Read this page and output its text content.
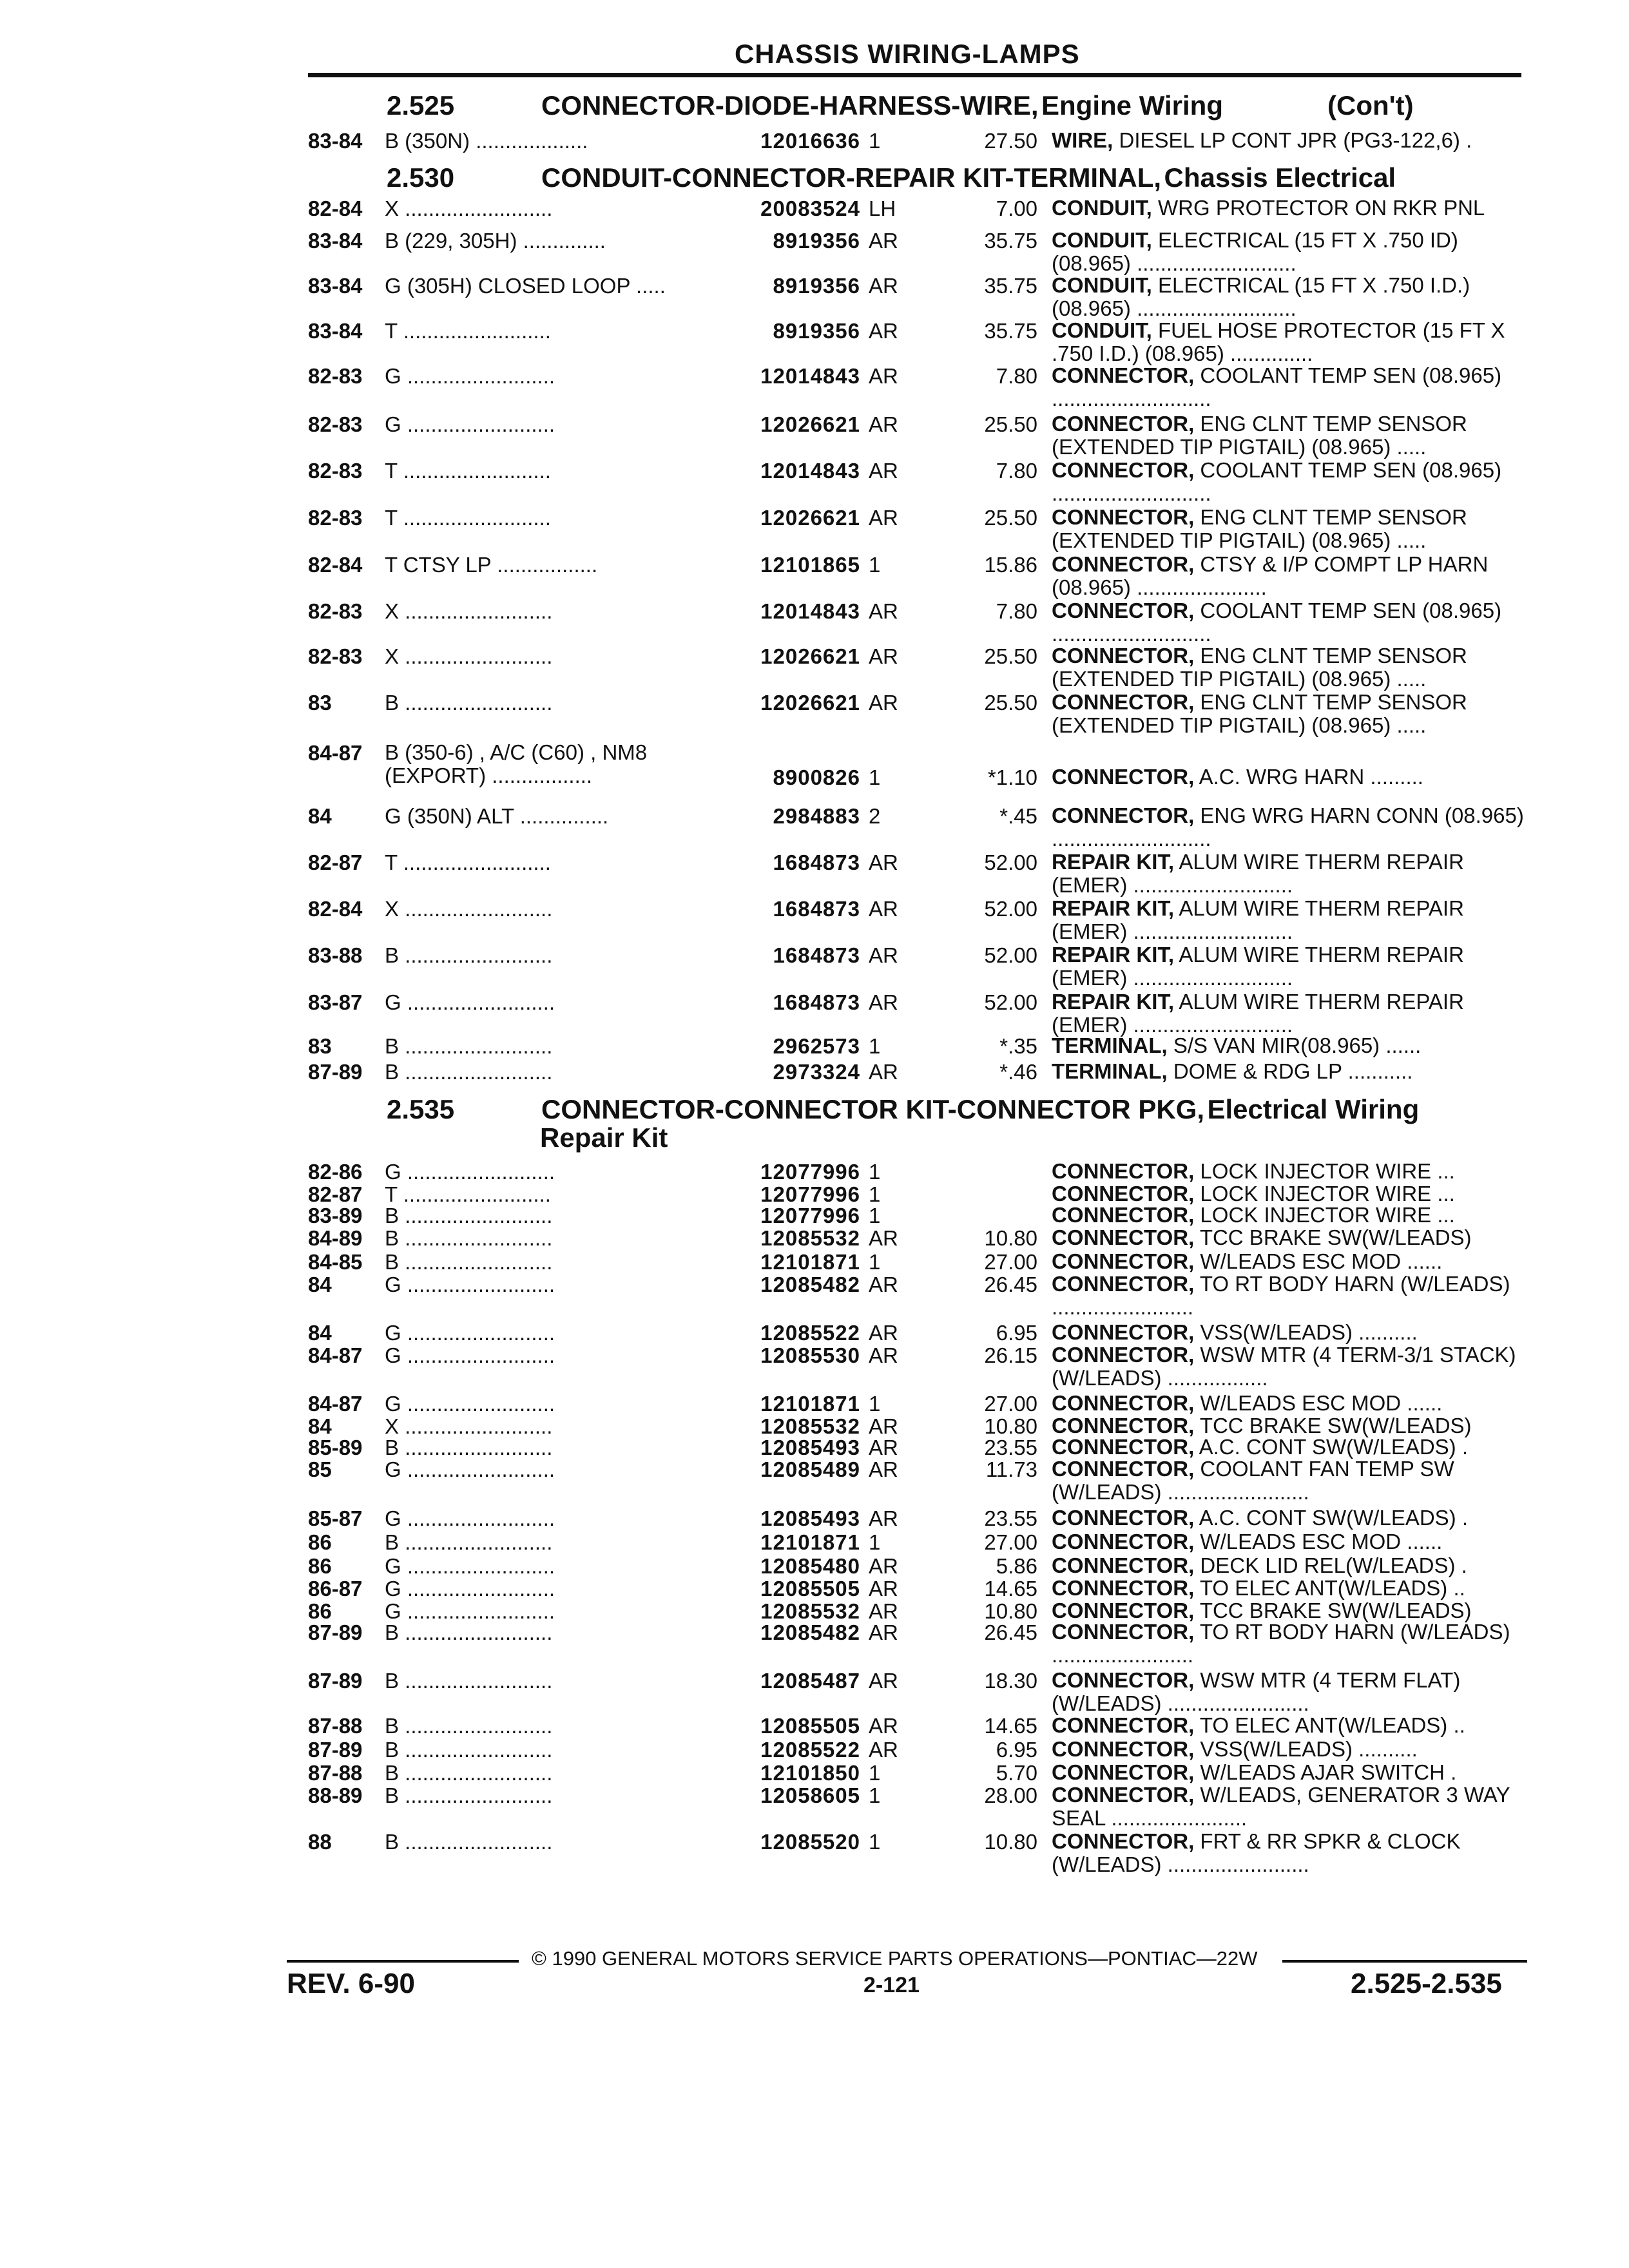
CHASSIS WIRING-LAMPS
2.525	CONNECTOR-DIODE-HARNESS-WIRE, Engine Wiring	(Con't)
83-84	B (350N) ...................	12016636 1	27.50 WIRE, DIESEL LP CONT JPR (PG3-122,6) .
2.530	CONDUIT-CONNECTOR-REPAIR KIT-TERMINAL, Chassis Electrical
82-84	X .........................	20083524 LH	7.00 CONDUIT, WRG PROTECTOR ON RKR PNL
83-84	B (229, 305H) ..............	8919356 AR	35.75 CONDUIT, ELECTRICAL (15 FT X .750 ID) (08.965) ...........................
83-84	G (305H) CLOSED LOOP .....	8919356 AR	35.75 CONDUIT, ELECTRICAL (15 FT X .750 I.D.) (08.965) ...........................
83-84	T .........................	8919356 AR	35.75 CONDUIT, FUEL HOSE PROTECTOR (15 FT X .750 I.D.) (08.965) ..............
82-83	G .........................	12014843 AR	7.80 CONNECTOR, COOLANT TEMP SEN (08.965) ...........................
82-83	G .........................	12026621 AR	25.50 CONNECTOR, ENG CLNT TEMP SENSOR (EXTENDED TIP PIGTAIL) (08.965) .....
82-83	T .........................	12014843 AR	7.80 CONNECTOR, COOLANT TEMP SEN (08.965) ...........................
82-83	T .........................	12026621 AR	25.50 CONNECTOR, ENG CLNT TEMP SENSOR (EXTENDED TIP PIGTAIL) (08.965) .....
82-84	T CTSY LP .................	12101865 1	15.86 CONNECTOR, CTSY & I/P COMPT LP HARN (08.965) ......................
82-83	X .........................	12014843 AR	7.80 CONNECTOR, COOLANT TEMP SEN (08.965) ...........................
82-83	X .........................	12026621 AR	25.50 CONNECTOR, ENG CLNT TEMP SENSOR (EXTENDED TIP PIGTAIL) (08.965) .....
83	B .........................	12026621 AR	25.50 CONNECTOR, ENG CLNT TEMP SENSOR (EXTENDED TIP PIGTAIL) (08.965) .....
84-87	B (350-6) , A/C (C60) , NM8 (EXPORT) .................	8900826 1	*1.10 CONNECTOR, A.C. WRG HARN .........
84	G (350N) ALT ...............	2984883 2	*.45 CONNECTOR, ENG WRG HARN CONN (08.965) ...........................
82-87	T .........................	1684873 AR	52.00 REPAIR KIT, ALUM WIRE THERM REPAIR (EMER) ...........................
82-84	X .........................	1684873 AR	52.00 REPAIR KIT, ALUM WIRE THERM REPAIR (EMER) ...........................
83-88	B .........................	1684873 AR	52.00 REPAIR KIT, ALUM WIRE THERM REPAIR (EMER) ...........................
83-87	G .........................	1684873 AR	52.00 REPAIR KIT, ALUM WIRE THERM REPAIR (EMER) ...........................
83	B .........................	2962573 1	*.35 TERMINAL, S/S VAN MIR(08.965) ......
87-89	B .........................	2973324 AR	*.46 TERMINAL, DOME & RDG LP ...........
2.535	CONNECTOR-CONNECTOR KIT-CONNECTOR PKG, Electrical Wiring
Repair Kit
82-86	G .........................	12077996 1	CONNECTOR, LOCK INJECTOR WIRE ...
82-87	T .........................	12077996 1	CONNECTOR, LOCK INJECTOR WIRE ...
83-89	B .........................	12077996 1	CONNECTOR, LOCK INJECTOR WIRE ...
84-89	B .........................	12085532 AR	10.80 CONNECTOR, TCC BRAKE SW(W/LEADS)
84-85	B .........................	12101871 1	27.00 CONNECTOR, W/LEADS ESC MOD ......
84	G .........................	12085482 AR	26.45 CONNECTOR, TO RT BODY HARN (W/LEADS) ........................
84	G .........................	12085522 AR	6.95 CONNECTOR, VSS(W/LEADS) ..........
84-87	G .........................	12085530 AR	26.15 CONNECTOR, WSW MTR (4 TERM-3/1 STACK) (W/LEADS) .................
84-87	G .........................	12101871 1	27.00 CONNECTOR, W/LEADS ESC MOD ......
84	X .........................	12085532 AR	10.80 CONNECTOR, TCC BRAKE SW(W/LEADS)
85-89	B .........................	12085493 AR	23.55 CONNECTOR, A.C. CONT SW(W/LEADS) .
85	G .........................	12085489 AR	11.73 CONNECTOR, COOLANT FAN TEMP SW (W/LEADS) ........................
85-87	G .........................	12085493 AR	23.55 CONNECTOR, A.C. CONT SW(W/LEADS) .
86	B .........................	12101871 1	27.00 CONNECTOR, W/LEADS ESC MOD ......
86	G .........................	12085480 AR	5.86 CONNECTOR, DECK LID REL(W/LEADS) .
86-87	G .........................	12085505 AR	14.65 CONNECTOR, TO ELEC ANT(W/LEADS) ..
86	G .........................	12085532 AR	10.80 CONNECTOR, TCC BRAKE SW(W/LEADS)
87-89	B .........................	12085482 AR	26.45 CONNECTOR, TO RT BODY HARN (W/LEADS) ........................
87-89	B .........................	12085487 AR	18.30 CONNECTOR, WSW MTR (4 TERM FLAT) (W/LEADS) ........................
87-88	B .........................	12085505 AR	14.65 CONNECTOR, TO ELEC ANT(W/LEADS) ..
87-89	B .........................	12085522 AR	6.95 CONNECTOR, VSS(W/LEADS) ..........
87-88	B .........................	12101850 1	5.70 CONNECTOR, W/LEADS AJAR SWITCH .
88-89	B .........................	12058605 1	28.00 CONNECTOR, W/LEADS, GENERATOR 3 WAY SEAL .......................
88	B .........................	12085520 1	10.80 CONNECTOR, FRT & RR SPKR & CLOCK (W/LEADS) ........................
© 1990 GENERAL MOTORS SERVICE PARTS OPERATIONS—PONTIAC—22W
REV. 6-90	2-121	2.525-2.535
